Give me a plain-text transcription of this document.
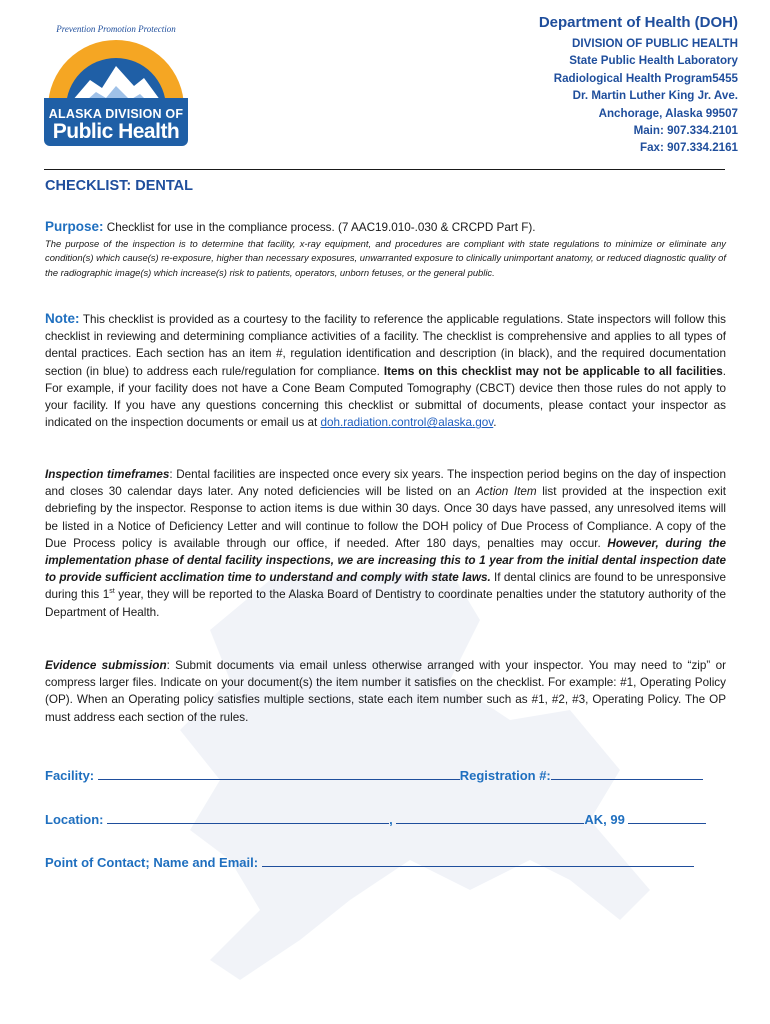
Prevention Promotion Protection
ALASKA DIVISION OF
Public Health
Department of Health (DOH)
DIVISION OF PUBLIC HEALTH
State Public Health Laboratory
Radiological Health Program5455
Dr. Martin Luther King Jr. Ave.
Anchorage, Alaska 99507
Main: 907.334.2101
Fax: 907.334.2161
CHECKLIST: DENTAL
Purpose: Checklist for use in the compliance process. (7 AAC19.010-.030 & CRCPD Part F).
The purpose of the inspection is to determine that facility, x-ray equipment, and procedures are compliant with state regulations to minimize or eliminate any condition(s) which cause(s) re-exposure, higher than necessary exposures, unwarranted exposure to clinically unimportant anatomy, or reduced diagnostic quality of the radiographic image(s) which increase(s) risk to patients, operators, unborn fetuses, or the general public.
Note: This checklist is provided as a courtesy to the facility to reference the applicable regulations. State inspectors will follow this checklist in reviewing and determining compliance activities of a facility. The checklist is comprehensive and applies to all types of dental practices. Each section has an item #, regulation identification and description (in black), and the required documentation section (in blue) to address each rule/regulation for compliance. Items on this checklist may not be applicable to all facilities. For example, if your facility does not have a Cone Beam Computed Tomography (CBCT) device then those rules do not apply to your facility. If you have any questions concerning this checklist or submittal of documents, please contact your inspector as indicated on the inspection documents or email us at doh.radiation.control@alaska.gov.
Inspection timeframes: Dental facilities are inspected once every six years. The inspection period begins on the day of inspection and closes 30 calendar days later. Any noted deficiencies will be listed on an Action Item list provided at the inspection exit debriefing by the inspector. Response to action items is due within 30 days. Once 30 days have passed, any unresolved items will be listed in a Notice of Deficiency Letter and will continue to follow the DOH policy of Due Process of Compliance. A copy of the Due Process policy is available through our office, if needed. After 180 days, penalties may occur. However, during the implementation phase of dental facility inspections, we are increasing this to 1 year from the initial dental inspection date to provide sufficient acclimation time to understand and comply with state laws. If dental clinics are found to be unresponsive during this 1st year, they will be reported to the Alaska Board of Dentistry to coordinate penalties under the statutory authority of the Department of Health.
Evidence submission: Submit documents via email unless otherwise arranged with your inspector. You may need to “zip” or compress larger files. Indicate on your document(s) the item number it satisfies on the checklist. For example: #1, Operating Policy (OP). When an Operating policy satisfies multiple sections, state each item number such as #1, #2, #3, Operating Policy. The OP must address each section of the rules.
Facility:	Registration #:
Location:	,	AK, 99
Point of Contact; Name and Email:
